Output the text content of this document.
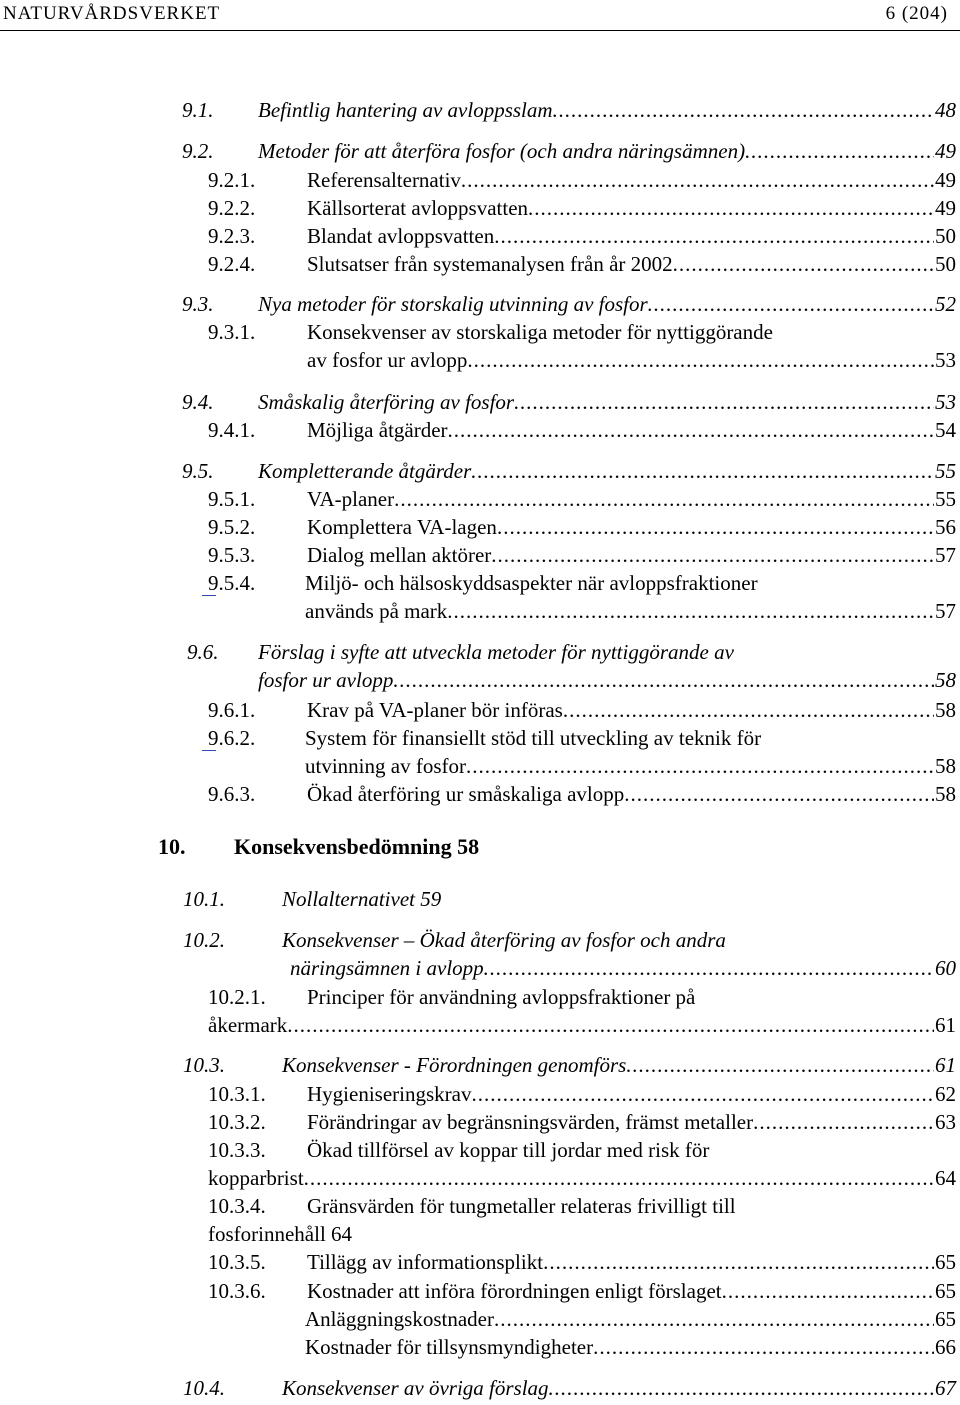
NATURVÅRDSVERKET	6 (204)
9.1. Befintlig hantering av avloppsslam .....	48
9.2. Metoder för att återföra fosfor (och andra näringsämnen) .....	49
9.2.1. Referensalternativ .....	49
9.2.2. Källsorterat avloppsvatten .....	49
9.2.3. Blandat avloppsvatten .....	50
9.2.4. Slutsatser från systemanalysen från år 2002 .....	50
9.3. Nya metoder för storskalig utvinning av fosfor .....	52
9.3.1. Konsekvenser av storskaliga metoder för nyttiggörande
av fosfor ur avlopp .....	53
9.4. Småskalig återföring av fosfor .....	53
9.4.1. Möjliga åtgärder .....	54
9.5. Kompletterande åtgärder .....	55
9.5.1. VA-planer .....	55
9.5.2. Komplettera VA-lagen .....	56
9.5.3. Dialog mellan aktörer .....	57
9.5.4. Miljö- och hälsoskyddsaspekter när avloppsfraktioner
används på mark .....	57
9.6. Förslag i syfte att utveckla metoder för nyttiggörande av
fosfor ur avlopp .....	58
9.6.1. Krav på VA-planer bör införas .....	58
9.6.2. System för finansiellt stöd till utveckling av teknik för
utvinning av fosfor .....	58
9.6.3. Ökad återföring ur småskaliga avlopp .....	58
10. Konsekvensbedömning 58
10.1.	Nollalternativet 59
10.2.	Konsekvenser – Ökad återföring av fosfor och andra
näringsämnen i avlopp .....	60
10.2.1. Principer för användning avloppsfraktioner på
åkermark .....	61
10.3.	Konsekvenser - Förordningen genomförs .....	61
10.3.1. Hygieniseringskrav .....	62
10.3.2. Förändringar av begränsningsvärden, främst metaller .....	63
10.3.3. Ökad tillförsel av koppar till jordar med risk för
kopparbrist .....	64
10.3.4. Gränsvärden för tungmetaller relateras frivilligt till
fosforinnehåll 64
10.3.5. Tillägg av informationsplikt .....	65
10.3.6. Kostnader att införa förordningen enligt förslaget .....	65
Anläggningskostnader .....	65
Kostnader för tillsynsmyndigheter .....	66
10.4.	Konsekvenser av övriga förslag .....	67
